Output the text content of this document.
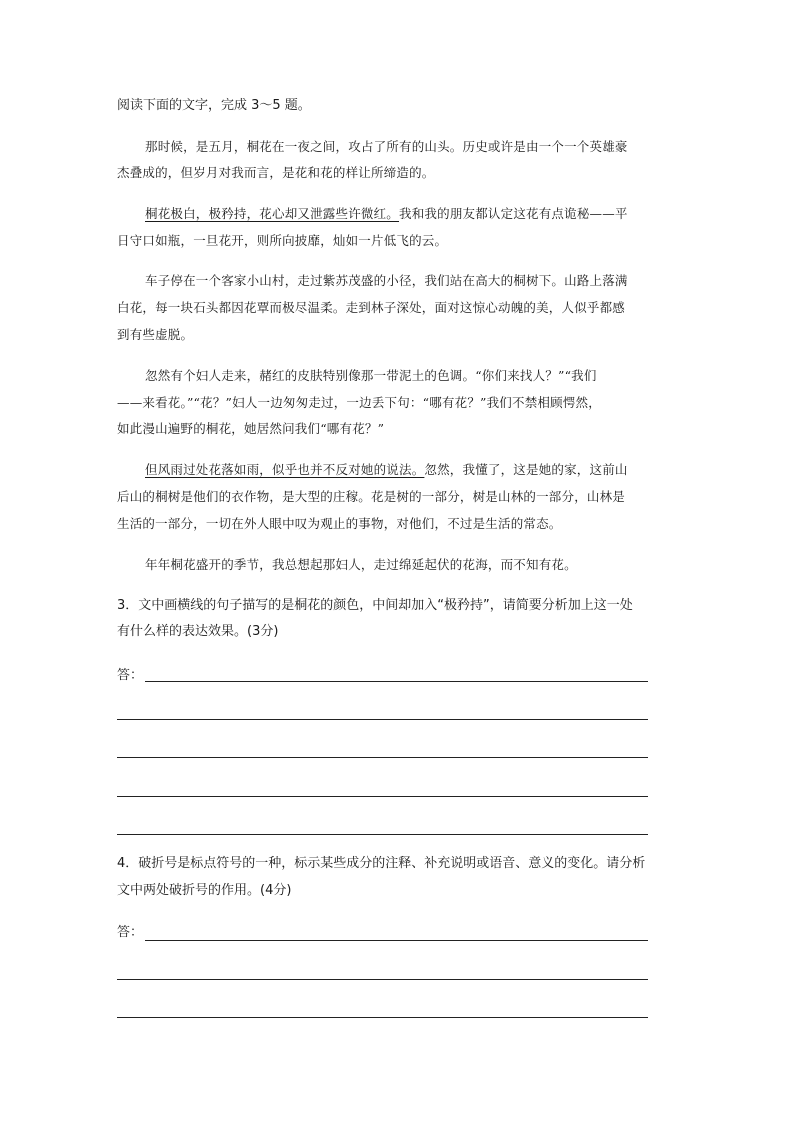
阅读下面的文字，完成 3～5 题。
那时候，是五月，桐花在一夜之间，攻占了所有的山头。历史或许是由一个一个英雄豪
杰叠成的，但岁月对我而言，是花和花的样让所缔造的。
桐花极白，极矜持，花心却又泄露些许微红。我和我的朋友都认定这花有点诡秘——平
日守口如瓶，一旦花开，则所向披靡，灿如一片低飞的云。
车子停在一个客家小山村，走过紫苏茂盛的小径，我们站在高大的桐树下。山路上落满
白花，每一块石头都因花覃而极尽温柔。走到林子深处，面对这惊心动魄的美，人似乎都感
到有些虚脱。
忽然有个妇人走来，赭红的皮肤特别像那一带泥土的色调。“你们来找人？”“我们
——来看花。”“花？”妇人一边匆匆走过，一边丢下句：“哪有花？”我们不禁相顾愕然，
如此漫山遍野的桐花，她居然问我们“哪有花？”
但风雨过处花落如雨，似乎也并不反对她的说法。忽然，我懂了，这是她的家，这前山
后山的桐树是他们的衣作物，是大型的庄稼。花是树的一部分，树是山林的一部分，山林是
生活的一部分，一切在外人眼中叹为观止的事物，对他们，不过是生活的常态。
年年桐花盛开的季节，我总想起那妇人，走过绵延起伏的花海，而不知有花。
3．文中画横线的句子描写的是桐花的颜色，中间却加入“极矜持”，请简要分析加上这一处
有什么样的表达效果。(3分)
答：
4．破折号是标点符号的一种，标示某些成分的注释、补充说明或语音、意义的变化。请分析
文中两处破折号的作用。(4分)
答：
